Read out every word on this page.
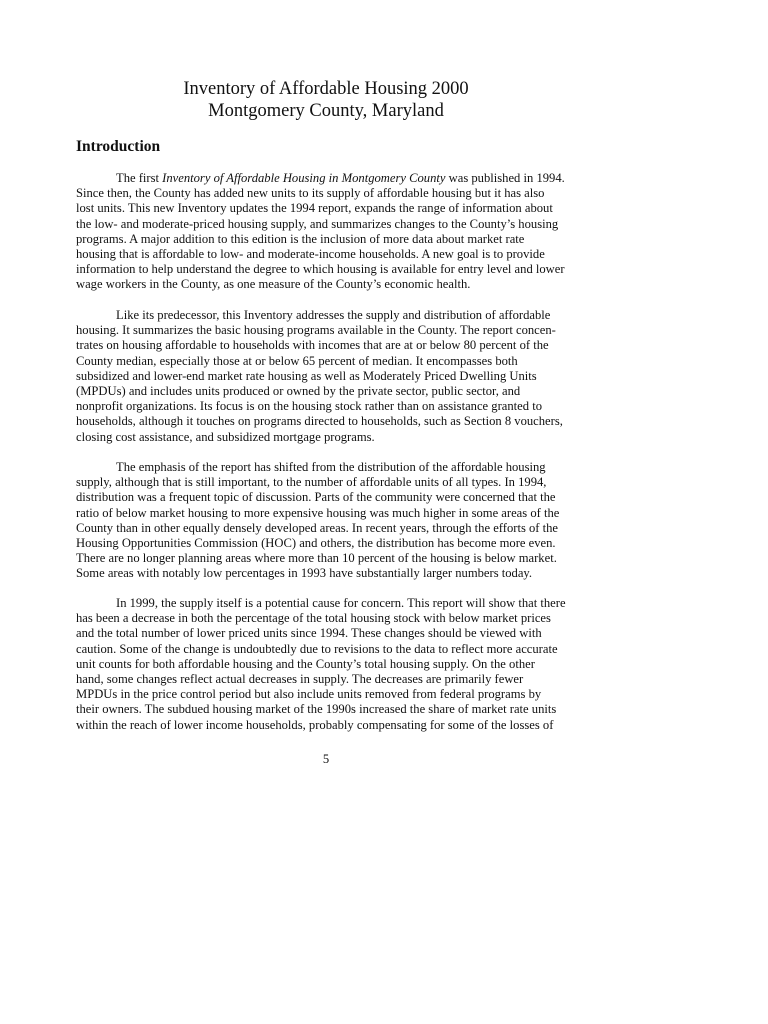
Inventory of Affordable Housing 2000
Montgomery County, Maryland
Introduction
The first Inventory of Affordable Housing in Montgomery County was published in 1994.
Since then, the County has added new units to its supply of affordable housing but it has also
lost units. This new Inventory updates the 1994 report, expands the range of information about
the low- and moderate-priced housing supply, and summarizes changes to the County’s housing
programs. A major addition to this edition is the inclusion of more data about market rate
housing that is affordable to low- and moderate-income households. A new goal is to provide
information to help understand the degree to which housing is available for entry level and lower
wage workers in the County, as one measure of the County’s economic health.
Like its predecessor, this Inventory addresses the supply and distribution of affordable
housing. It summarizes the basic housing programs available in the County. The report concen-
trates on housing affordable to households with incomes that are at or below 80 percent of the
County median, especially those at or below 65 percent of median. It encompasses both
subsidized and lower-end market rate housing as well as Moderately Priced Dwelling Units
(MPDUs) and includes units produced or owned by the private sector, public sector, and
nonprofit organizations. Its focus is on the housing stock rather than on assistance granted to
households, although it touches on programs directed to households, such as Section 8 vouchers,
closing cost assistance, and subsidized mortgage programs.
The emphasis of the report has shifted from the distribution of the affordable housing
supply, although that is still important, to the number of affordable units of all types. In 1994,
distribution was a frequent topic of discussion. Parts of the community were concerned that the
ratio of below market housing to more expensive housing was much higher in some areas of the
County than in other equally densely developed areas. In recent years, through the efforts of the
Housing Opportunities Commission (HOC) and others, the distribution has become more even.
There are no longer planning areas where more than 10 percent of the housing is below market.
Some areas with notably low percentages in 1993 have substantially larger numbers today.
In 1999, the supply itself is a potential cause for concern. This report will show that there
has been a decrease in both the percentage of the total housing stock with below market prices
and the total number of lower priced units since 1994. These changes should be viewed with
caution. Some of the change is undoubtedly due to revisions to the data to reflect more accurate
unit counts for both affordable housing and the County’s total housing supply. On the other
hand, some changes reflect actual decreases in supply. The decreases are primarily fewer
MPDUs in the price control period but also include units removed from federal programs by
their owners. The subdued housing market of the 1990s increased the share of market rate units
within the reach of lower income households, probably compensating for some of the losses of
5
